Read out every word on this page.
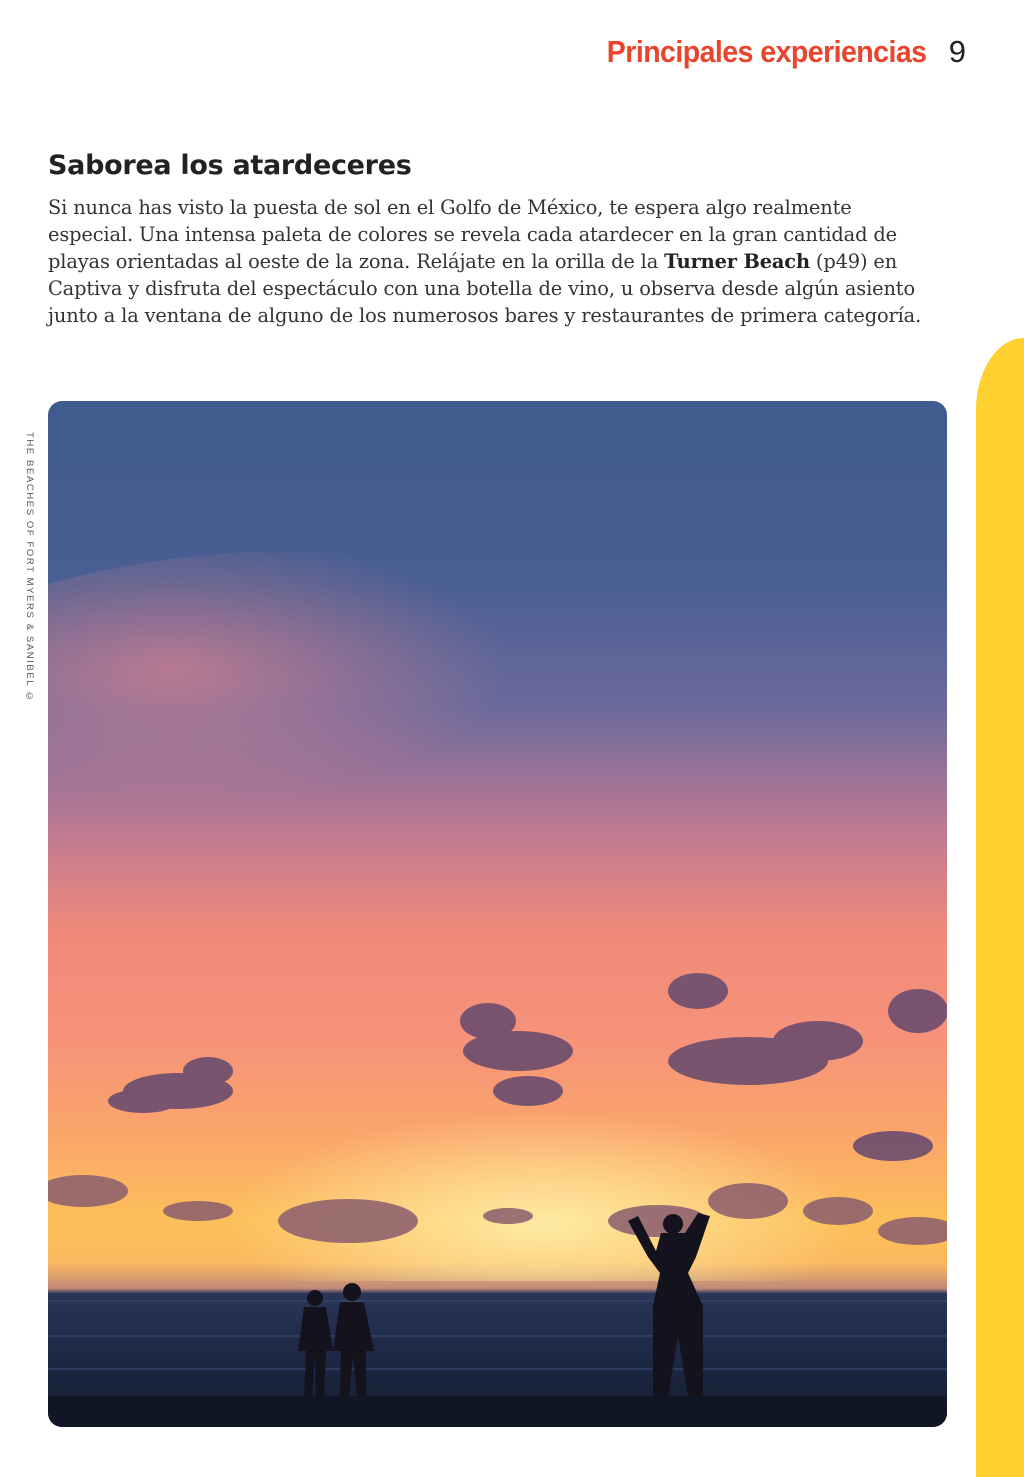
Principales experiencias 9
Saborea los atardeceres

Si nunca has visto la puesta de sol en el Golfo de México, te espera algo realmente especial. Una intensa paleta de colores se revela cada atardecer en la gran cantidad de playas orientadas al oeste de la zona. Relájate en la orilla de la Turner Beach (p49) en Captiva y disfruta del espectáculo con una botella de vino, u observa desde algún asiento junto a la ventana de alguno de los numerosos bares y restaurantes de primera categoría.

THE BEACHES OF FORT MYERS & SANIBEL ©
